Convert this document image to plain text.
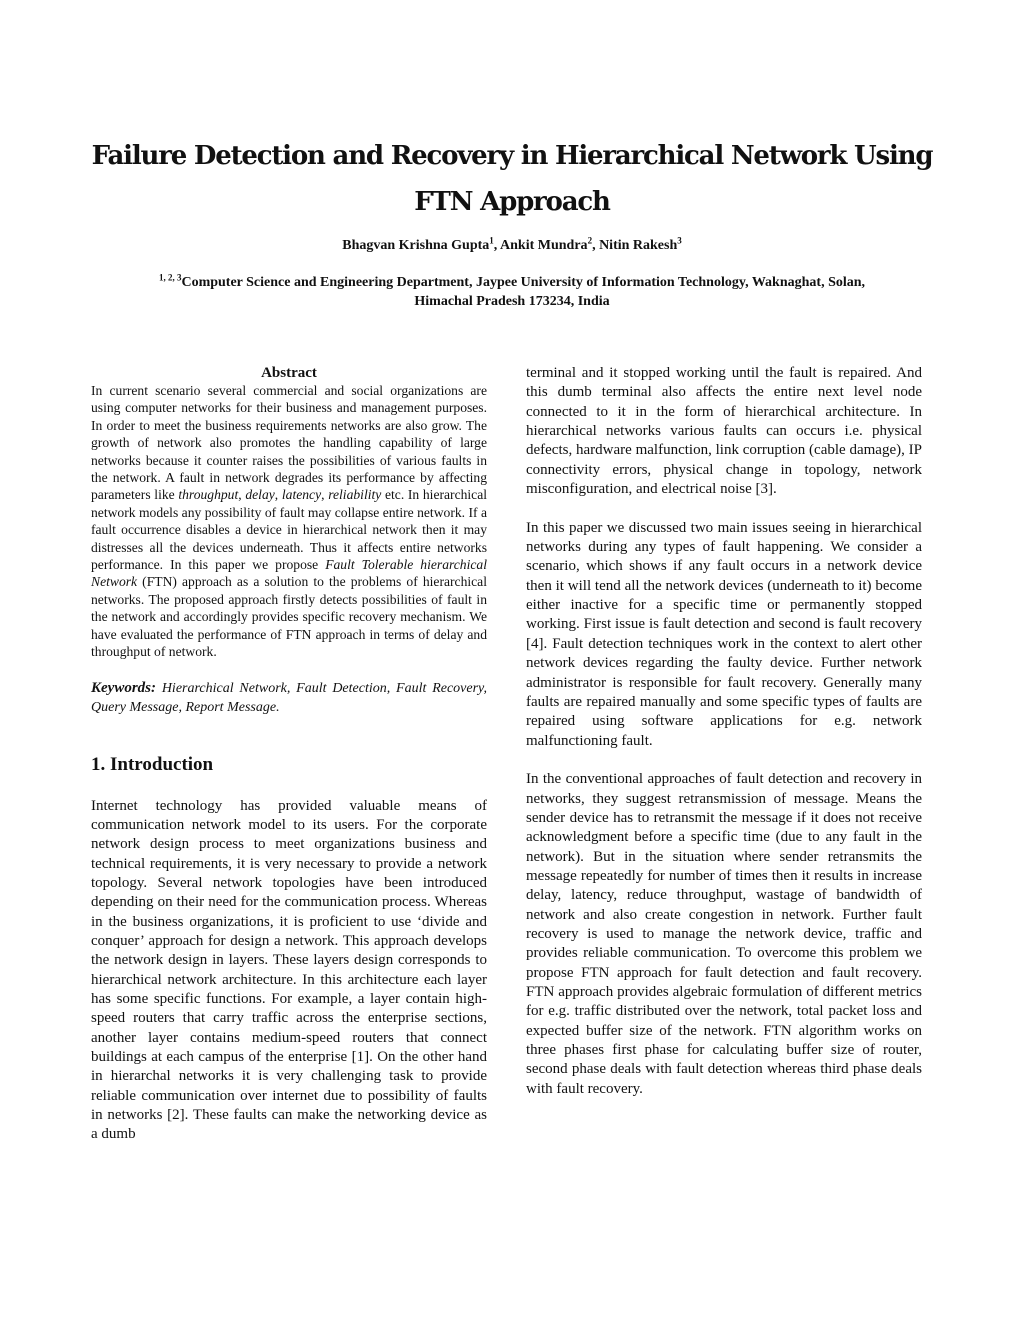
Failure Detection and Recovery in Hierarchical Network Using FTN Approach
Bhagvan Krishna Gupta$^1$, Ankit Mundra$^2$, Nitin Rakesh$^3$
$^{1, 2, 3}$Computer Science and Engineering Department, Jaypee University of Information Technology, Waknaghat, Solan, Himachal Pradesh 173234, India

Abstract

In current scenario several commercial and social organizations are using computer networks for their business and management purposes. In order to meet the business requirements networks are also grow. The growth of network also promotes the handling capability of large networks because it counter raises the possibilities of various faults in the network. A fault in network degrades its performance by affecting parameters like throughput, delay, latency, reliability etc. In hierarchical network models any possibility of fault may collapse entire network. If a fault occurrence disables a device in hierarchical network then it may distresses all the devices underneath. Thus it affects entire networks performance. In this paper we propose Fault Tolerable hierarchical Network (FTN) approach as a solution to the problems of hierarchical networks. The proposed approach firstly detects possibilities of fault in the network and accordingly provides specific recovery mechanism. We have evaluated the performance of FTN approach in terms of delay and throughput of network.

Keywords: Hierarchical Network, Fault Detection, Fault Recovery, Query Message, Report Message.

1. Introduction

Internet technology has provided valuable means of communication network model to its users. For the corporate network design process to meet organizations business and technical requirements, it is very necessary to provide a network topology. Several network topologies have been introduced depending on their need for the communication process. Whereas in the business organizations, it is proficient to use ‘divide and conquer’ approach for design a network. This approach develops the network design in layers. These layers design corresponds to hierarchical network architecture. In this architecture each layer has some specific functions. For example, a layer contain high-speed routers that carry traffic across the enterprise sections, another layer contains medium-speed routers that connect buildings at each campus of the enterprise [1]. On the other hand in hierarchal networks it is very challenging task to provide reliable communication over internet due to possibility of faults in networks [2]. These faults can make the networking device as a dumb

terminal and it stopped working until the fault is repaired. And this dumb terminal also affects the entire next level node connected to it in the form of hierarchical architecture. In hierarchical networks various faults can occurs i.e. physical defects, hardware malfunction, link corruption (cable damage), IP connectivity errors, physical change in topology, network misconfiguration, and electrical noise [3].

In this paper we discussed two main issues seeing in hierarchical networks during any types of fault happening. We consider a scenario, which shows if any fault occurs in a network device then it will tend all the network devices (underneath to it) become either inactive for a specific time or permanently stopped working. First issue is fault detection and second is fault recovery [4]. Fault detection techniques work in the context to alert other network devices regarding the faulty device. Further network administrator is responsible for fault recovery. Generally many faults are repaired manually and some specific types of faults are repaired using software applications for e.g. network malfunctioning fault.

In the conventional approaches of fault detection and recovery in networks, they suggest retransmission of message. Means the sender device has to retransmit the message if it does not receive acknowledgment before a specific time (due to any fault in the network). But in the situation where sender retransmits the message repeatedly for number of times then it results in increase delay, latency, reduce throughput, wastage of bandwidth of network and also create congestion in network. Further fault recovery is used to manage the network device, traffic and provides reliable communication. To overcome this problem we propose FTN approach for fault detection and fault recovery. FTN approach provides algebraic formulation of different metrics for e.g. traffic distributed over the network, total packet loss and expected buffer size of the network. FTN algorithm works on three phases first phase for calculating buffer size of router, second phase deals with fault detection whereas third phase deals with fault recovery.
